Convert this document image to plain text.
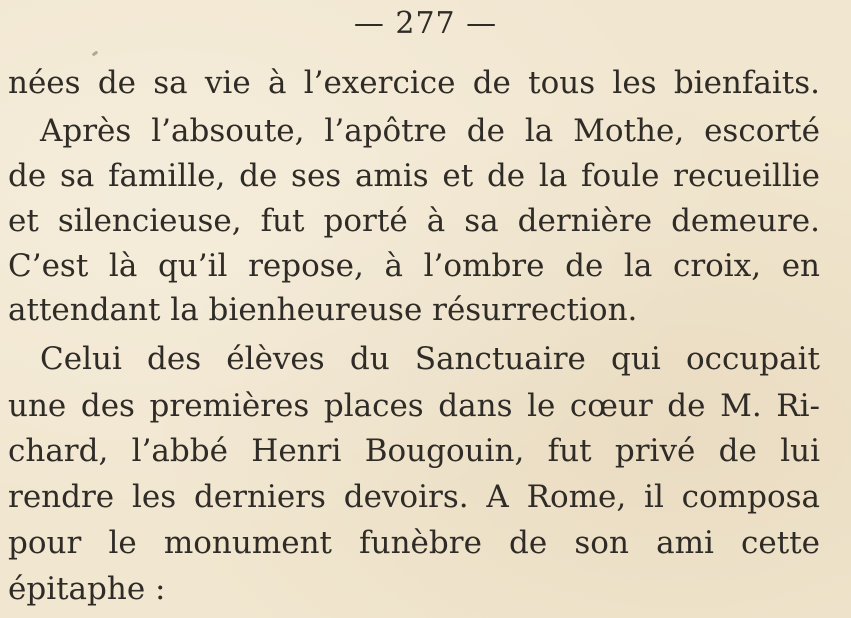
— 277 —
nées de sa vie à l’exercice de tous les bienfaits.
Après l’absoute, l’apôtre de la Mothe, escorté
de sa famille, de ses amis et de la foule recueillie
et silencieuse, fut porté à sa dernière demeure.
C’est là qu’il repose, à l’ombre de la croix, en
attendant la bienheureuse résurrection.
Celui des élèves du Sanctuaire qui occupait
une des premières places dans le cœur de M. Ri-
chard, l’abbé Henri Bougouin, fut privé de lui
rendre les derniers devoirs. A Rome, il composa
pour le monument funèbre de son ami cette
épitaphe :
